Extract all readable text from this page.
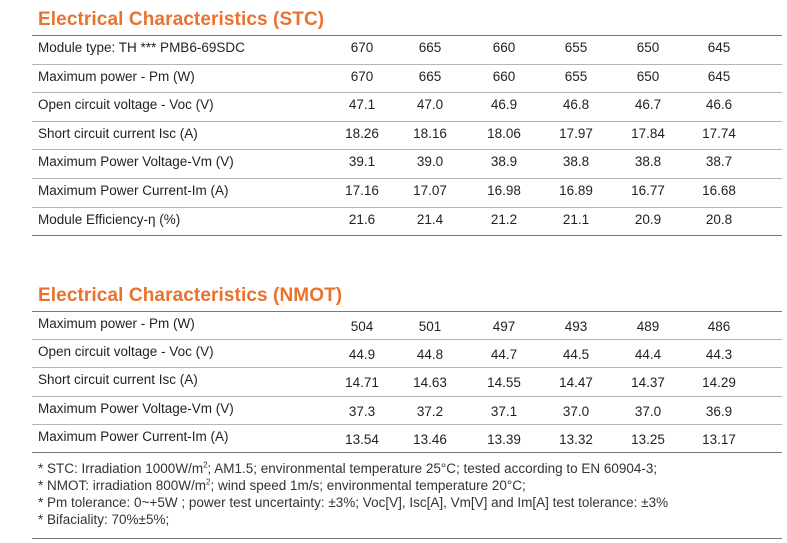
Electrical Characteristics (STC)
Module type: TH *** PMB6-69SDC	670	665	660	655	650	645
Maximum power - Pm (W)	670	665	660	655	650	645
Open circuit voltage - Voc (V)	47.1	47.0	46.9	46.8	46.7	46.6
Short circuit current Isc (A)	18.26	18.16	18.06	17.97	17.84	17.74
Maximum Power Voltage-Vm (V)	39.1	39.0	38.9	38.8	38.8	38.7
Maximum Power Current-Im (A)	17.16	17.07	16.98	16.89	16.77	16.68
Module Efficiency-η (%)	21.6	21.4	21.2	21.1	20.9	20.8
Electrical Characteristics (NMOT)
Maximum power - Pm (W)	504	501	497	493	489	486
Open circuit voltage - Voc (V)	44.9	44.8	44.7	44.5	44.4	44.3
Short circuit current Isc (A)	14.71	14.63	14.55	14.47	14.37	14.29
Maximum Power Voltage-Vm (V)	37.3	37.2	37.1	37.0	37.0	36.9
Maximum Power Current-Im (A)	13.54	13.46	13.39	13.32	13.25	13.17
* STC: Irradiation $1000W/m^2$; AM1.5; environmental temperature 25°C; tested according to EN 60904-3;
* NMOT: irradiation $800W/m^2$; wind speed 1m/s; environmental temperature 20°C;
* Pm tolerance: 0~+5W ; power test uncertainty: ±3%; Voc[V], Isc[A], Vm[V] and Im[A] test tolerance: ±3%
* Bifaciality: 70%±5%;
